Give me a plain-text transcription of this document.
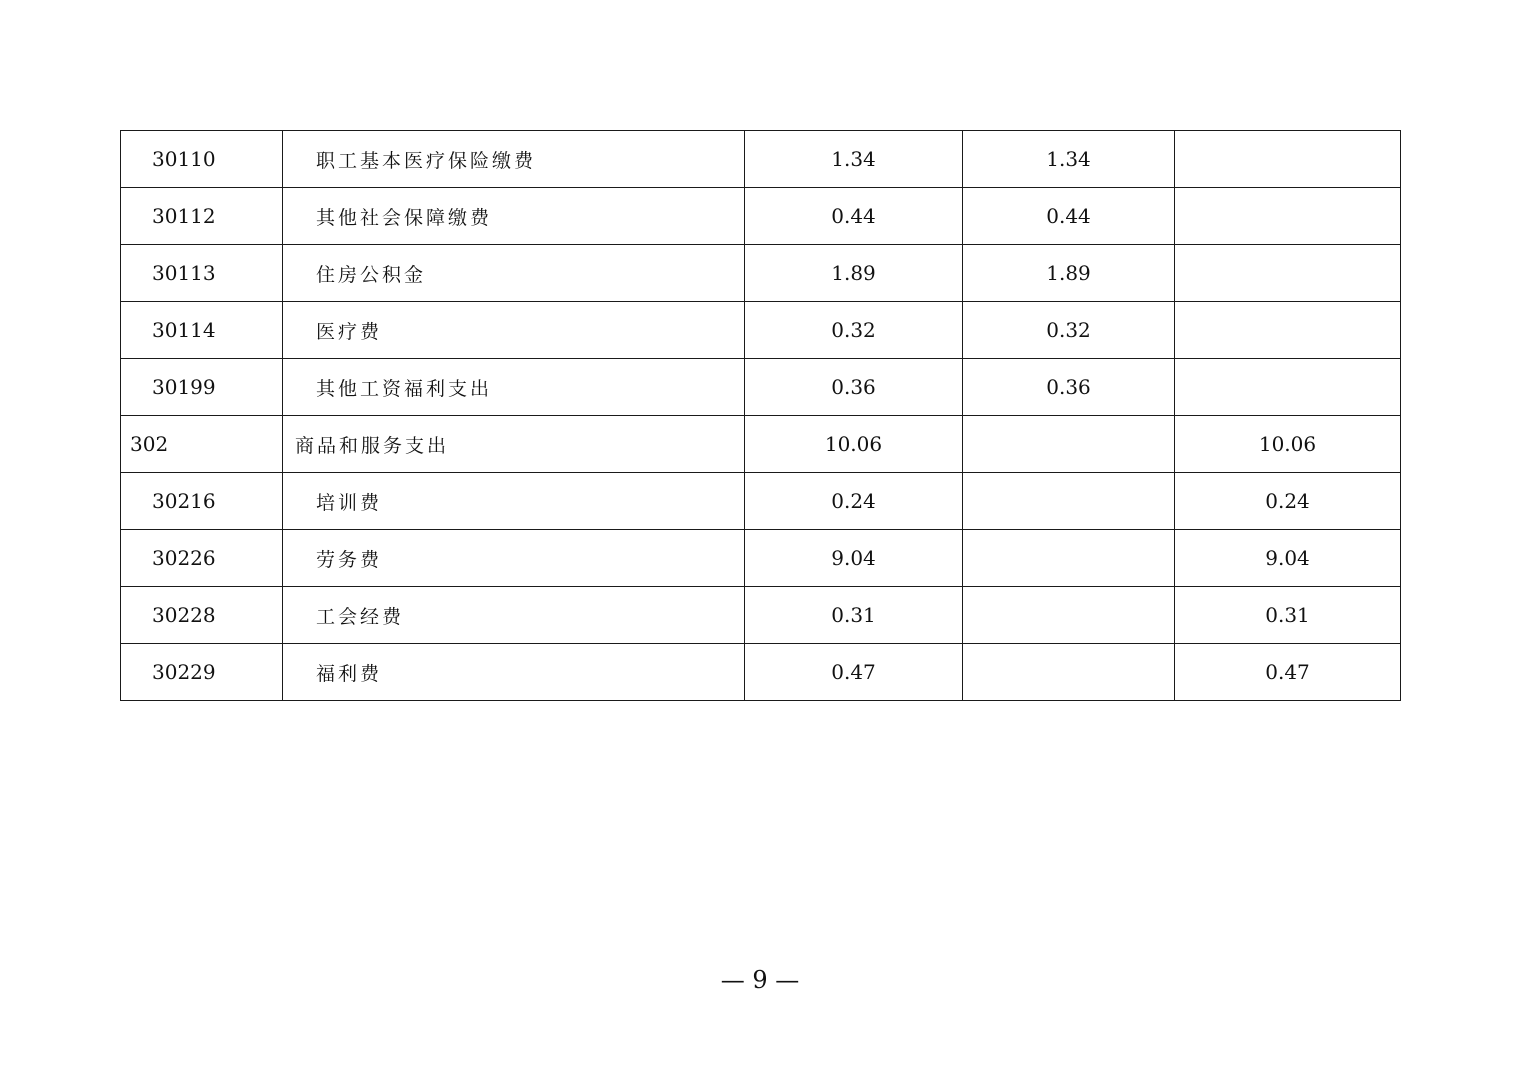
30110	职工基本医疗保险缴费	1.34	1.34	
30112	其他社会保障缴费	0.44	0.44	
30113	住房公积金	1.89	1.89	
30114	医疗费	0.32	0.32	
30199	其他工资福利支出	0.36	0.36	
302	商品和服务支出	10.06		10.06
30216	培训费	0.24		0.24
30226	劳务费	9.04		9.04
30228	工会经费	0.31		0.31
30229	福利费	0.47		0.47
— 9 —
